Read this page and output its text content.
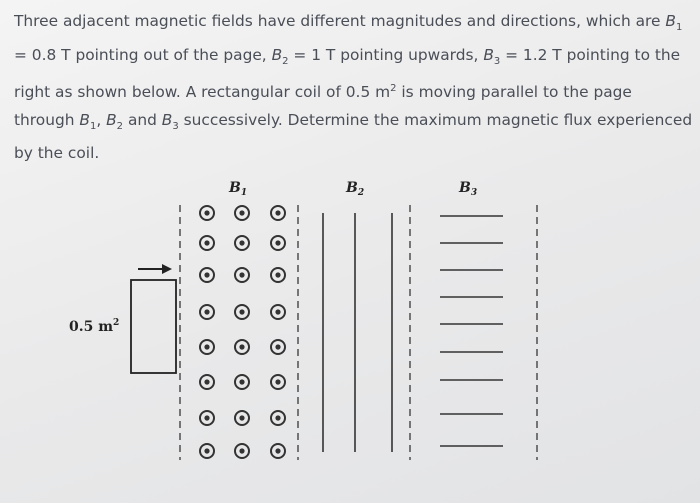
Three adjacent magnetic fields have different magnitudes and directions, which are $B_1 = 0.8$ T pointing out of the page, $B_2 = 1$ T pointing upwards, $B_3 = 1.2$ T pointing to the right as shown below. A rectangular coil of 0.5 $m^2$ is moving parallel to the page through $B_1$, $B_2$ and $B_3$ successively. Determine the maximum magnetic flux experienced by the coil.

$B_1$	$B_2$	$B_3$
0.5 $m^2$
